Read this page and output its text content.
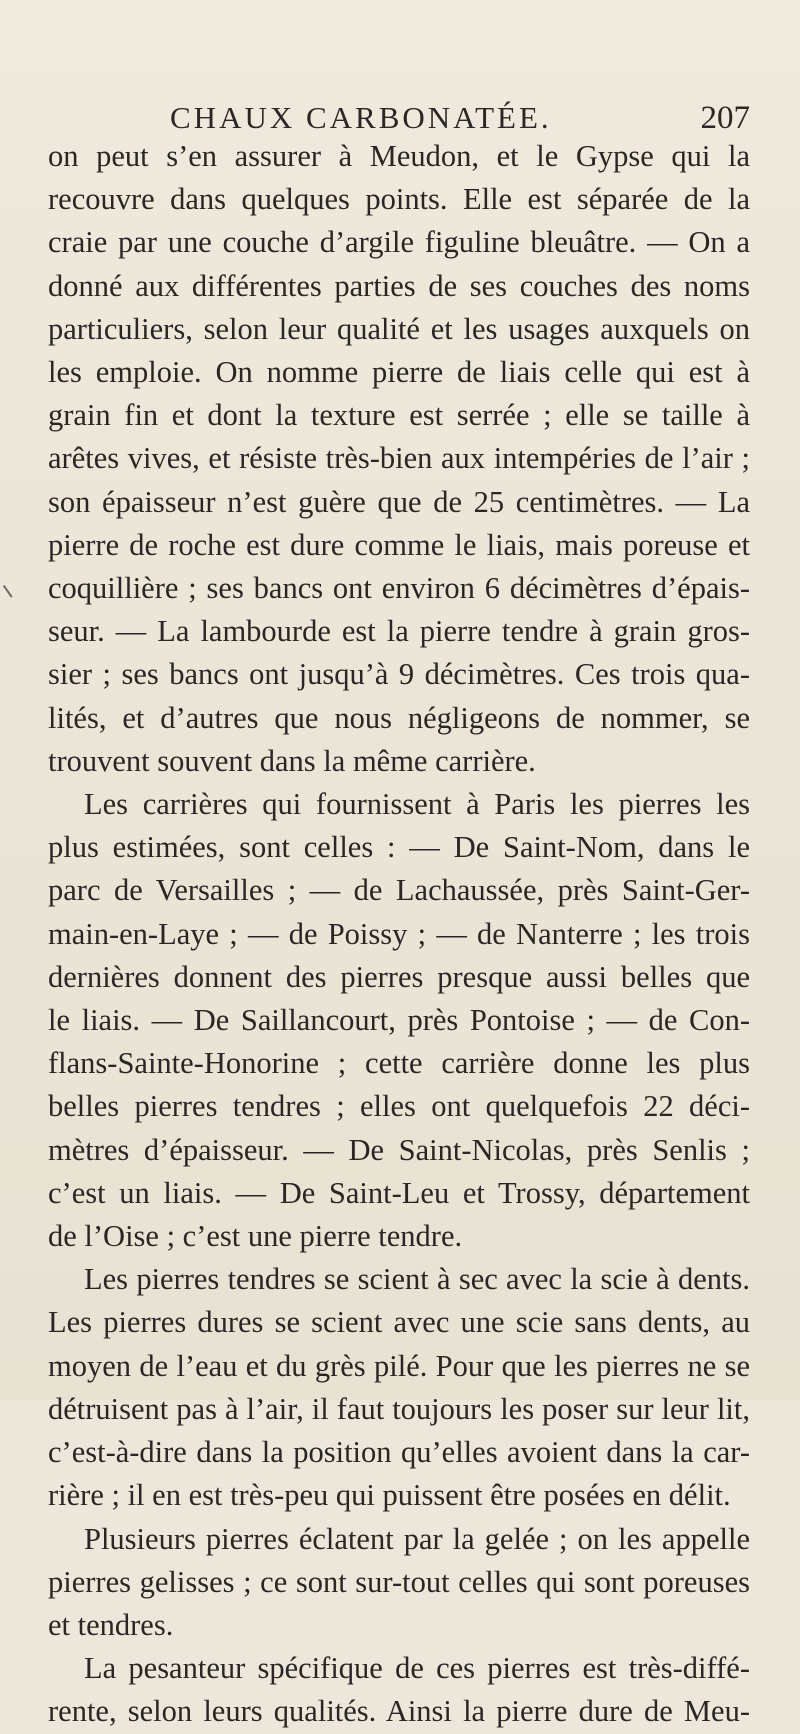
CHAUX CARBONATÉE.	207
on peut s’en assurer à Meudon, et le Gypse qui la
recouvre dans quelques points. Elle est séparée de la
craie par une couche d’argile figuline bleuâtre. — On a
donné aux différentes parties de ses couches des noms
particuliers, selon leur qualité et les usages auxquels on
les emploie. On nomme pierre de liais celle qui est à
grain fin et dont la texture est serrée ; elle se taille à
arêtes vives, et résiste très-bien aux intempéries de l’air ;
son épaisseur n’est guère que de 25 centimètres. — La
pierre de roche est dure comme le liais, mais poreuse et
coquillière ; ses bancs ont environ 6 décimètres d’épais-
seur. — La lambourde est la pierre tendre à grain gros-
sier ; ses bancs ont jusqu’à 9 décimètres. Ces trois qua-
lités, et d’autres que nous négligeons de nommer, se
trouvent souvent dans la même carrière.
Les carrières qui fournissent à Paris les pierres les
plus estimées, sont celles : — De Saint-Nom, dans le
parc de Versailles ; — de Lachaussée, près Saint-Ger-
main-en-Laye ; — de Poissy ; — de Nanterre ; les trois
dernières donnent des pierres presque aussi belles que
le liais. — De Saillancourt, près Pontoise ; — de Con-
flans-Sainte-Honorine ; cette carrière donne les plus
belles pierres tendres ; elles ont quelquefois 22 déci-
mètres d’épaisseur. — De Saint-Nicolas, près Senlis ;
c’est un liais. — De Saint-Leu et Trossy, département
de l’Oise ; c’est une pierre tendre.
Les pierres tendres se scient à sec avec la scie à dents.
Les pierres dures se scient avec une scie sans dents, au
moyen de l’eau et du grès pilé. Pour que les pierres ne se
détruisent pas à l’air, il faut toujours les poser sur leur lit,
c’est-à-dire dans la position qu’elles avoient dans la car-
rière ; il en est très-peu qui puissent être posées en délit.
Plusieurs pierres éclatent par la gelée ; on les appelle
pierres gelisses ; ce sont sur-tout celles qui sont poreuses
et tendres.
La pesanteur spécifique de ces pierres est très-diffé-
rente, selon leurs qualités. Ainsi la pierre dure de Meu-
